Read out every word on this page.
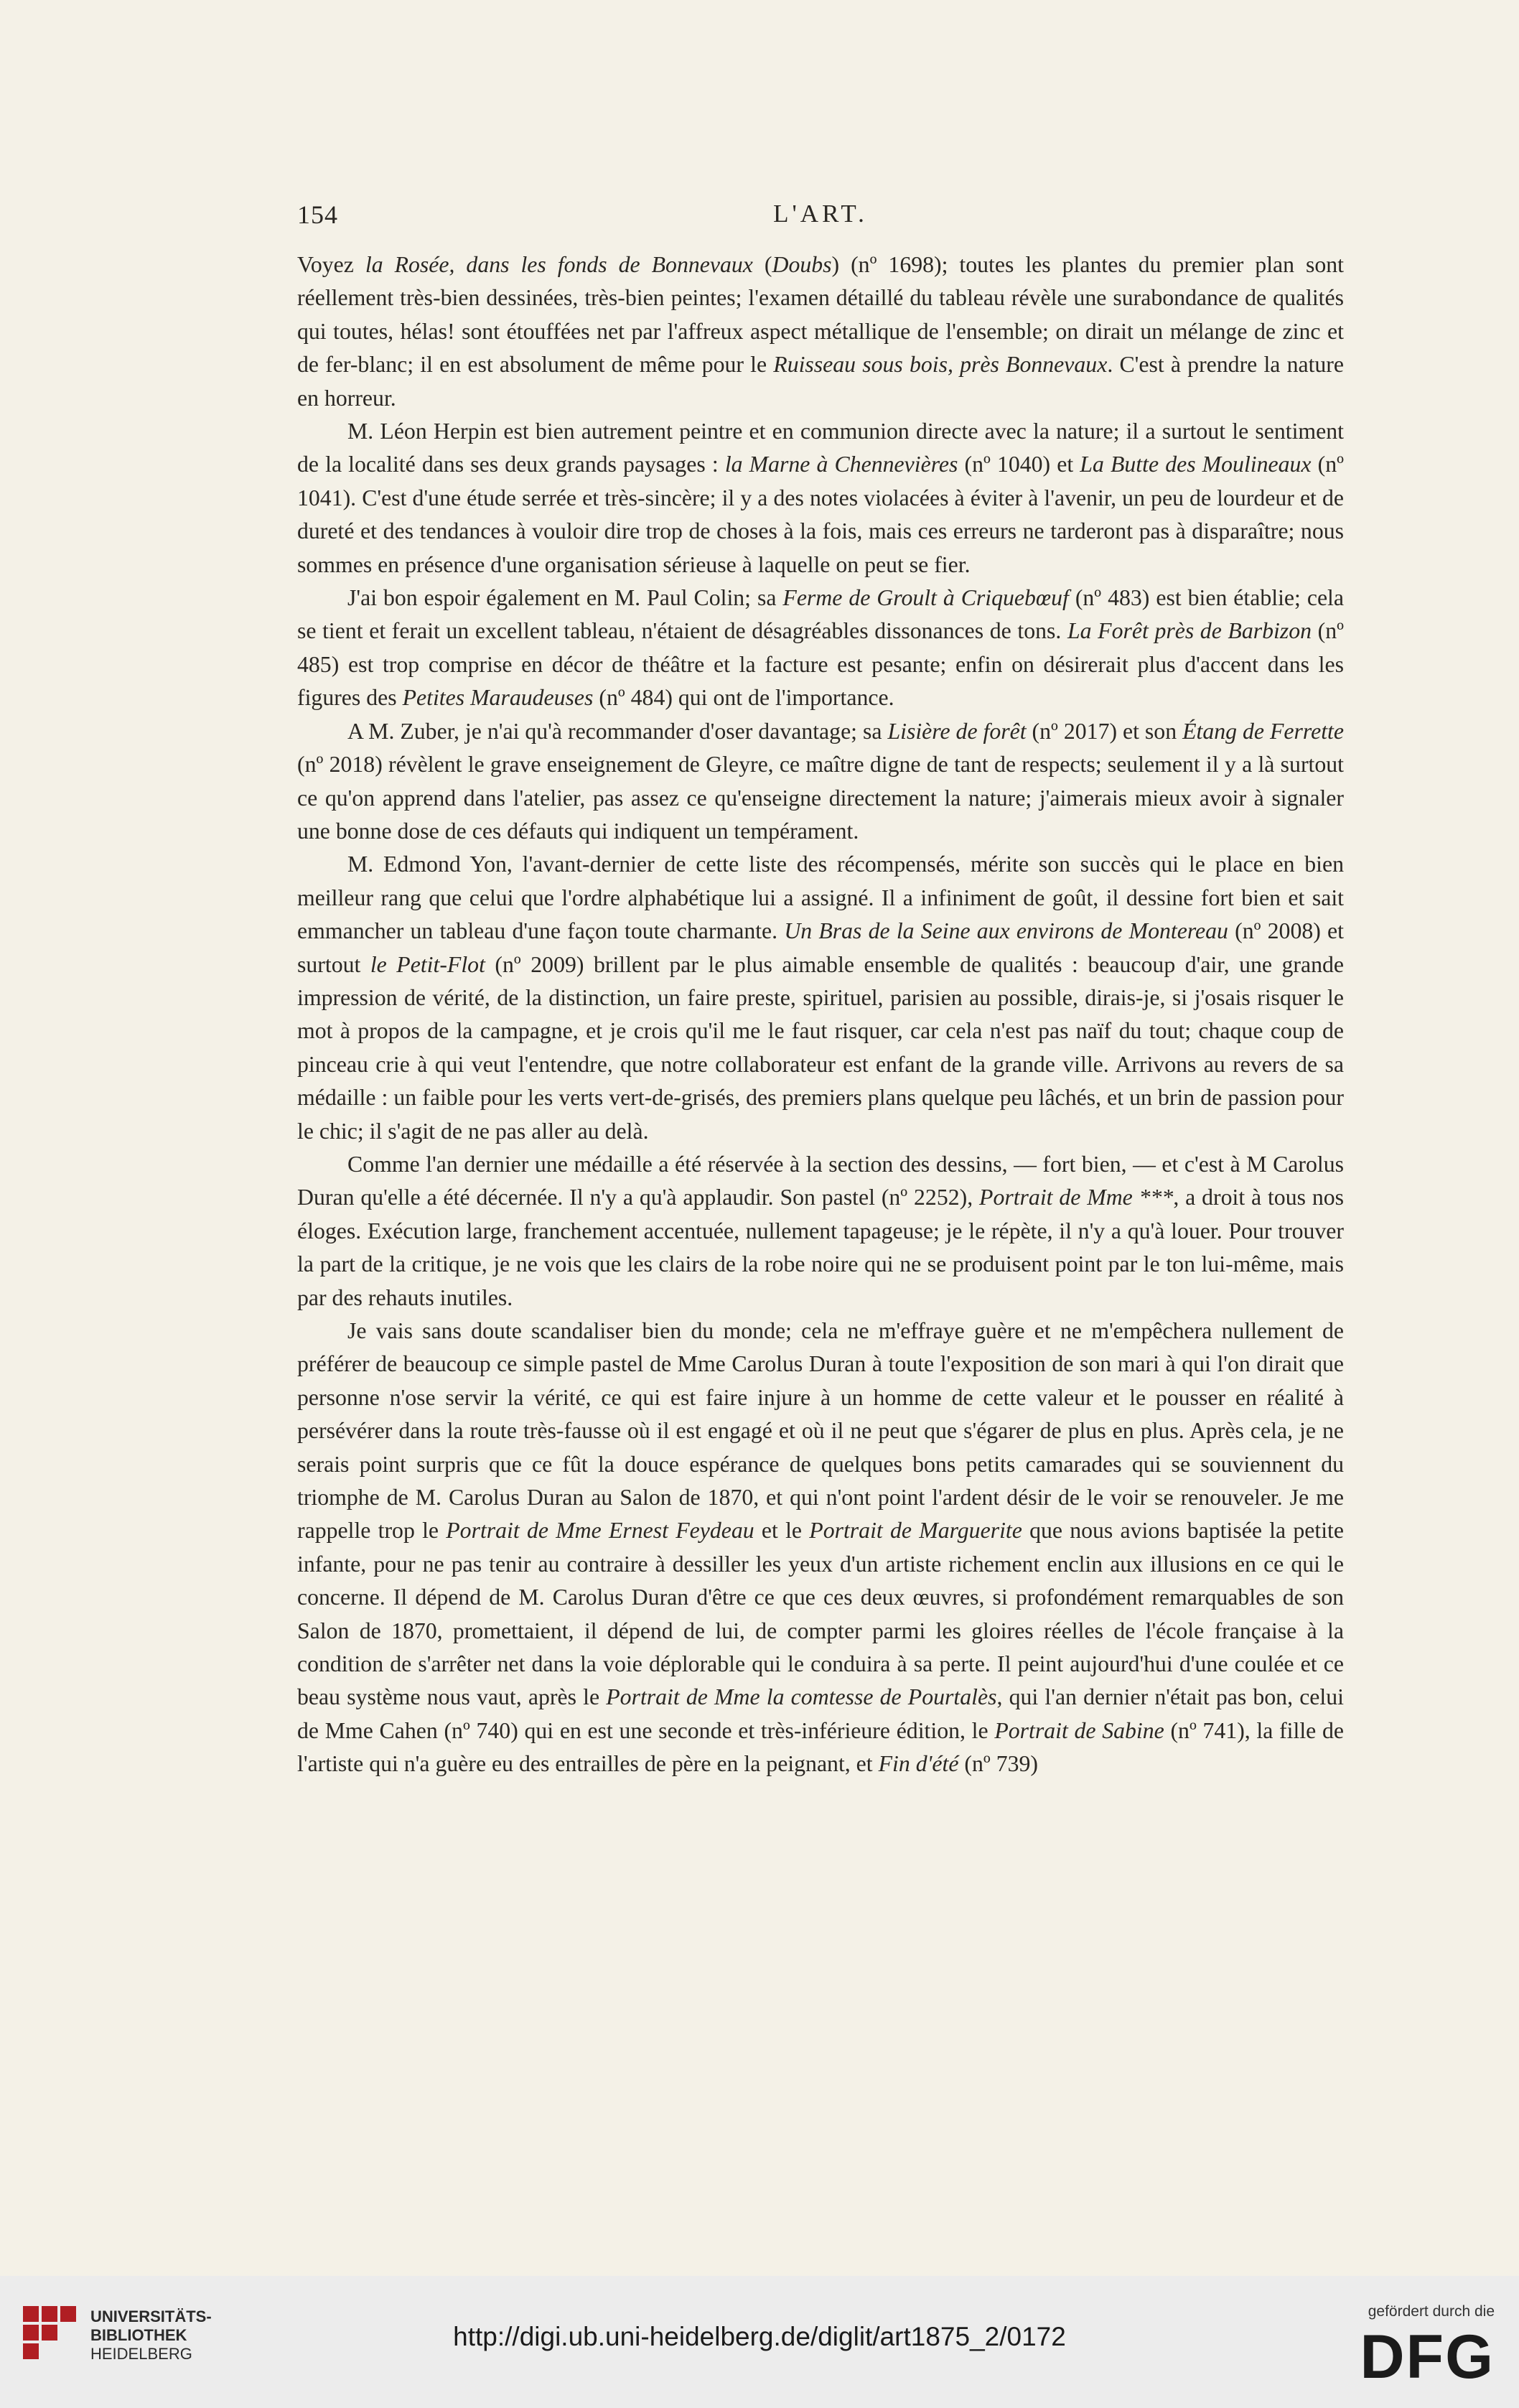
154	L'ART.

Voyez la Rosée, dans les fonds de Bonnevaux (Doubs) (nº 1698); toutes les plantes du premier plan sont réellement très-bien dessinées, très-bien peintes; l'examen détaillé du tableau révèle une surabondance de qualités qui toutes, hélas! sont étouffées net par l'affreux aspect métallique de l'ensemble; on dirait un mélange de zinc et de fer-blanc; il en est absolument de même pour le Ruisseau sous bois, près Bonnevaux. C'est à prendre la nature en horreur.

M. Léon Herpin est bien autrement peintre et en communion directe avec la nature; il a surtout le sentiment de la localité dans ses deux grands paysages : la Marne à Chennevières (nº 1040) et La Butte des Moulineaux (nº 1041). C'est d'une étude serrée et très-sincère; il y a des notes violacées à éviter à l'avenir, un peu de lourdeur et de dureté et des tendances à vouloir dire trop de choses à la fois, mais ces erreurs ne tarderont pas à disparaître; nous sommes en présence d'une organisation sérieuse à laquelle on peut se fier.

J'ai bon espoir également en M. Paul Colin; sa Ferme de Groult à Criquebœuf (nº 483) est bien établie; cela se tient et ferait un excellent tableau, n'étaient de désagréables dissonances de tons. La Forêt près de Barbizon (nº 485) est trop comprise en décor de théâtre et la facture est pesante; enfin on désirerait plus d'accent dans les figures des Petites Maraudeuses (nº 484) qui ont de l'importance.

A M. Zuber, je n'ai qu'à recommander d'oser davantage; sa Lisière de forêt (nº 2017) et son Étang de Ferrette (nº 2018) révèlent le grave enseignement de Gleyre, ce maître digne de tant de respects; seulement il y a là surtout ce qu'on apprend dans l'atelier, pas assez ce qu'enseigne directement la nature; j'aimerais mieux avoir à signaler une bonne dose de ces défauts qui indiquent un tempérament.

M. Edmond Yon, l'avant-dernier de cette liste des récompensés, mérite son succès qui le place en bien meilleur rang que celui que l'ordre alphabétique lui a assigné. Il a infiniment de goût, il dessine fort bien et sait emmancher un tableau d'une façon toute charmante. Un Bras de la Seine aux environs de Montereau (nº 2008) et surtout le Petit-Flot (nº 2009) brillent par le plus aimable ensemble de qualités : beaucoup d'air, une grande impression de vérité, de la distinction, un faire preste, spirituel, parisien au possible, dirais-je, si j'osais risquer le mot à propos de la campagne, et je crois qu'il me le faut risquer, car cela n'est pas naïf du tout; chaque coup de pinceau crie à qui veut l'entendre, que notre collaborateur est enfant de la grande ville. Arrivons au revers de sa médaille : un faible pour les verts vert-de-grisés, des premiers plans quelque peu lâchés, et un brin de passion pour le chic; il s'agit de ne pas aller au delà.

Comme l'an dernier une médaille a été réservée à la section des dessins, — fort bien, — et c'est à M Carolus Duran qu'elle a été décernée. Il n'y a qu'à applaudir. Son pastel (nº 2252), Portrait de Mme ***, a droit à tous nos éloges. Exécution large, franchement accentuée, nullement tapageuse; je le répète, il n'y a qu'à louer. Pour trouver la part de la critique, je ne vois que les clairs de la robe noire qui ne se produisent point par le ton lui-même, mais par des rehauts inutiles.

Je vais sans doute scandaliser bien du monde; cela ne m'effraye guère et ne m'empêchera nullement de préférer de beaucoup ce simple pastel de Mme Carolus Duran à toute l'exposition de son mari à qui l'on dirait que personne n'ose servir la vérité, ce qui est faire injure à un homme de cette valeur et le pousser en réalité à persévérer dans la route très-fausse où il est engagé et où il ne peut que s'égarer de plus en plus. Après cela, je ne serais point surpris que ce fût la douce espérance de quelques bons petits camarades qui se souviennent du triomphe de M. Carolus Duran au Salon de 1870, et qui n'ont point l'ardent désir de le voir se renouveler. Je me rappelle trop le Portrait de Mme Ernest Feydeau et le Portrait de Marguerite que nous avions baptisée la petite infante, pour ne pas tenir au contraire à dessiller les yeux d'un artiste richement enclin aux illusions en ce qui le concerne. Il dépend de M. Carolus Duran d'être ce que ces deux œuvres, si profondément remarquables de son Salon de 1870, promettaient, il dépend de lui, de compter parmi les gloires réelles de l'école française à la condition de s'arrêter net dans la voie déplorable qui le conduira à sa perte. Il peint aujourd'hui d'une coulée et ce beau système nous vaut, après le Portrait de Mme la comtesse de Pourtalès, qui l'an dernier n'était pas bon, celui de Mme Cahen (nº 740) qui en est une seconde et très-inférieure édition, le Portrait de Sabine (nº 741), la fille de l'artiste qui n'a guère eu des entrailles de père en la peignant, et Fin d'été (nº 739)

UNIVERSITÄTS-
BIBLIOTHEK
HEIDELBERG
http://digi.ub.uni-heidelberg.de/diglit/art1875_2/0172
gefördert durch die
DFG
